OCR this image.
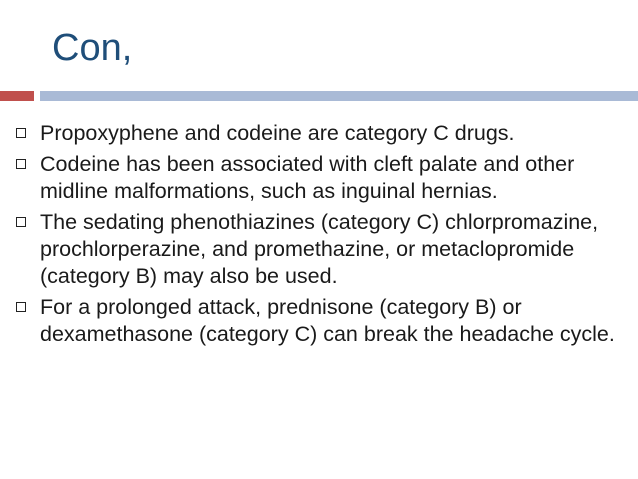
Con,
Propoxyphene and codeine are category C drugs.
Codeine has been associated with cleft palate and other midline malformations, such as inguinal hernias.
The sedating phenothiazines (category C) chlorpromazine, prochlorperazine, and promethazine, or metaclopromide (category B) may also be used.
For a prolonged attack, prednisone (category B) or dexamethasone (category C) can break the headache cycle.
